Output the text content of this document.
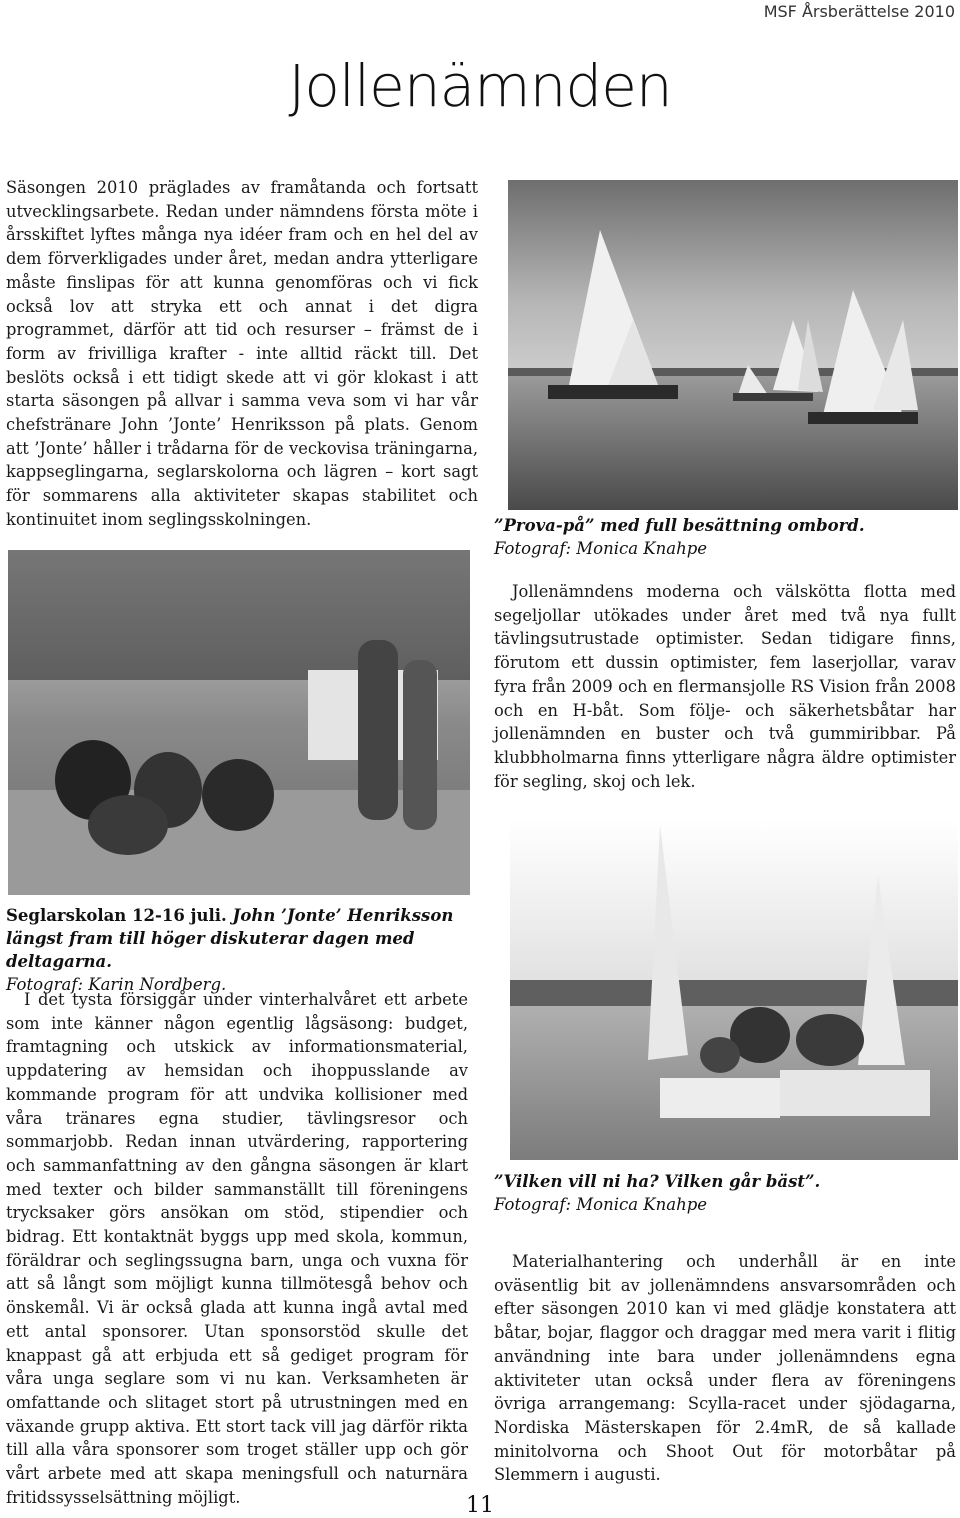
MSF Årsberättelse 2010
Jollenämnden
Säsongen 2010 präglades av framåtanda och fortsatt utvecklingsarbete. Redan under nämndens första möte i årsskiftet lyftes många nya idéer fram och en hel del av dem förverkligades under året, medan andra ytterligare måste finslipas för att kunna genomföras och vi fick också lov att stryka ett och annat i det digra programmet, därför att tid och resurser – främst de i form av frivilliga krafter - inte alltid räckt till. Det beslöts också i ett tidigt skede att vi gör klokast i att starta säsongen på allvar i samma veva som vi har vår chefstränare John ’Jonte’ Henriksson på plats. Genom att ’Jonte’ håller i trådarna för de veckovisa träningarna, kappseglingarna, seglarskolorna och lägren – kort sagt för sommarens alla aktiviteter skapas stabilitet och kontinuitet inom seglingsskolningen.	”Prova-på” med full besättning ombord.
Fotograf: Monica Knahpe
Jollenämndens moderna och välskötta flotta med segeljollar utökades under året med två nya fullt tävlingsutrustade optimister. Sedan tidigare finns, förutom ett dussin optimister, fem laserjollar, varav fyra från 2009 och en flermansjolle RS Vision från 2008 och en H-båt. Som följe- och säkerhetsbåtar har jollenämnden en buster och två gummiribbar. På klubbholmarna finns ytterligare några äldre optimister för segling, skoj och lek.
Seglarskolan 12-16 juli. John ’Jonte’ Henriksson längst fram till höger diskuterar dagen med deltagarna.
Fotograf: Karin Nordberg.
I det tysta försiggår under vinterhalvåret ett arbete som inte känner någon egentlig lågsäsong: budget, framtagning och utskick av informationsmaterial, uppdatering av hemsidan och ihoppusslande av kommande program för att undvika kollisioner med våra tränares egna studier, tävlingsresor och sommarjobb. Redan innan utvärdering, rapportering och sammanfattning av den gångna säsongen är klart med texter och bilder sammanställt till föreningens trycksaker görs ansökan om stöd, stipendier och bidrag. Ett kontaktnät byggs upp med skola, kommun, föräldrar och seglingssugna barn, unga och vuxna för att så långt som möjligt kunna tillmötesgå behov och önskemål. Vi är också glada att kunna ingå avtal med ett antal sponsorer. Utan sponsorstöd skulle det knappast gå att erbjuda ett så gediget program för våra unga seglare som vi nu kan. Verksamheten är omfattande och slitaget stort på utrustningen med en växande grupp aktiva. Ett stort tack vill jag därför rikta till alla våra sponsorer som troget ställer upp och gör vårt arbete med att skapa meningsfull och naturnära fritidssysselsättning möjligt.
”Vilken vill ni ha? Vilken går bäst”.
Fotograf: Monica Knahpe
Materialhantering och underhåll är en inte oväsentlig bit av jollenämndens ansvarsområden och efter säsongen 2010 kan vi med glädje konstatera att båtar, bojar, flaggor och draggar med mera varit i flitig användning inte bara under jollenämndens egna aktiviteter utan också under flera av föreningens övriga arrangemang: Scylla-racet under sjödagarna, Nordiska Mästerskapen för 2.4mR, de så kallade minitolvorna och Shoot Out för motorbåtar på Slemmern i augusti.
11
